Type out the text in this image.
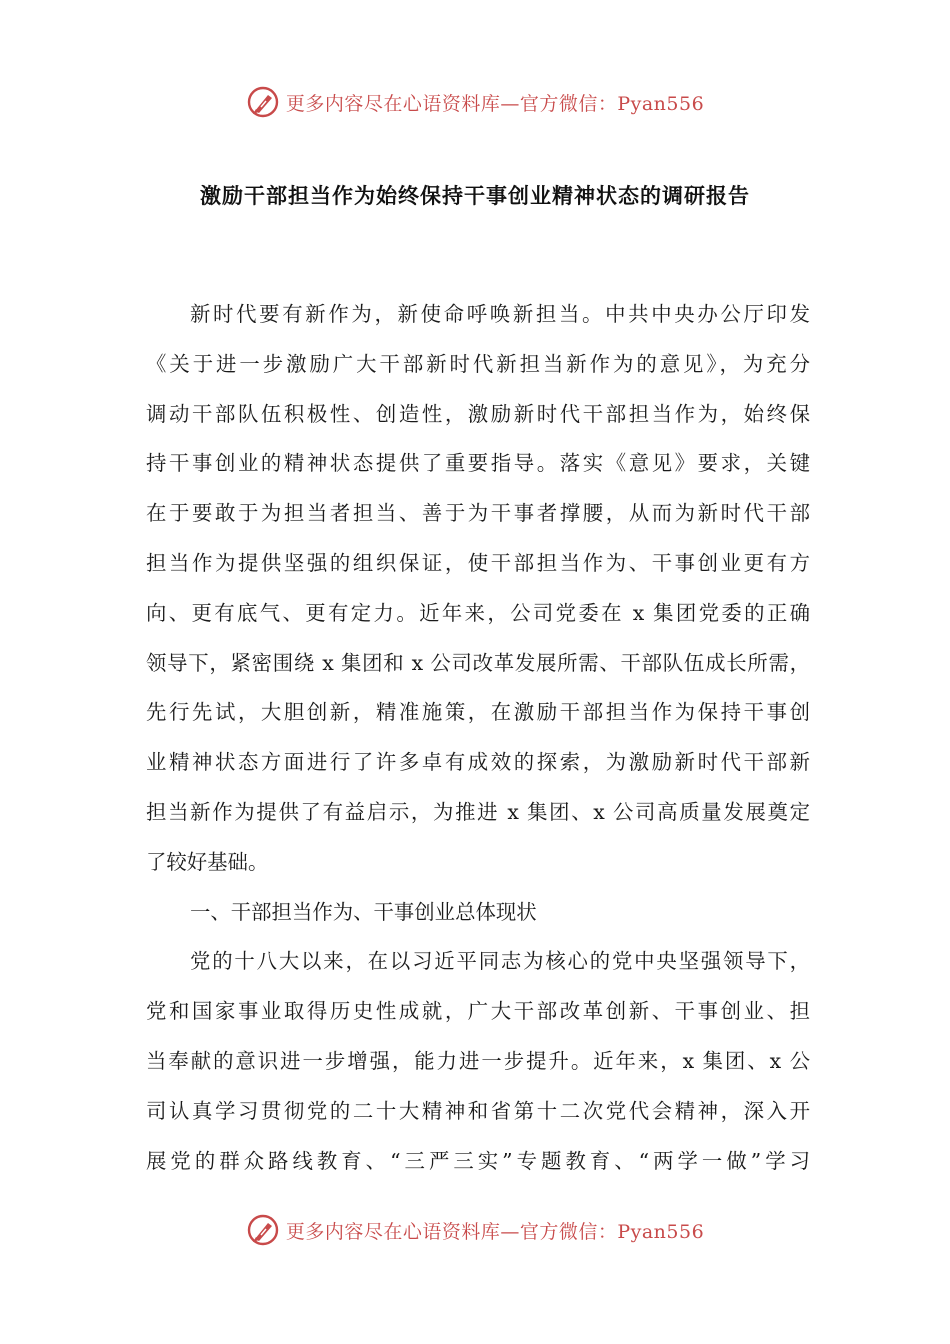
更多内容尽在心语资料库—官方微信：Pyan556
激励干部担当作为始终保持干事创业精神状态的调研报告
新时代要有新作为，新使命呼唤新担当。中共中央办公厅印发
《关于进一步激励广大干部新时代新担当新作为的意见》，为充分
调动干部队伍积极性、创造性，激励新时代干部担当作为，始终保
持干事创业的精神状态提供了重要指导。落实《意见》要求，关键
在于要敢于为担当者担当、善于为干事者撑腰，从而为新时代干部
担当作为提供坚强的组织保证，使干部担当作为、干事创业更有方
向、更有底气、更有定力。近年来，公司党委在 x 集团党委的正确
领导下，紧密围绕 x 集团和 x 公司改革发展所需、干部队伍成长所需，
先行先试，大胆创新，精准施策，在激励干部担当作为保持干事创
业精神状态方面进行了许多卓有成效的探索，为激励新时代干部新
担当新作为提供了有益启示，为推进 x 集团、x 公司高质量发展奠定
了较好基础。
一、干部担当作为、干事创业总体现状
党的十八大以来，在以习近平同志为核心的党中央坚强领导下，
党和国家事业取得历史性成就，广大干部改革创新、干事创业、担
当奉献的意识进一步增强，能力进一步提升。近年来，x 集团、x 公
司认真学习贯彻党的二十大精神和省第十二次党代会精神，深入开
展党的群众路线教育、“三严三实”专题教育、“两学一做”学习
更多内容尽在心语资料库—官方微信：Pyan556
